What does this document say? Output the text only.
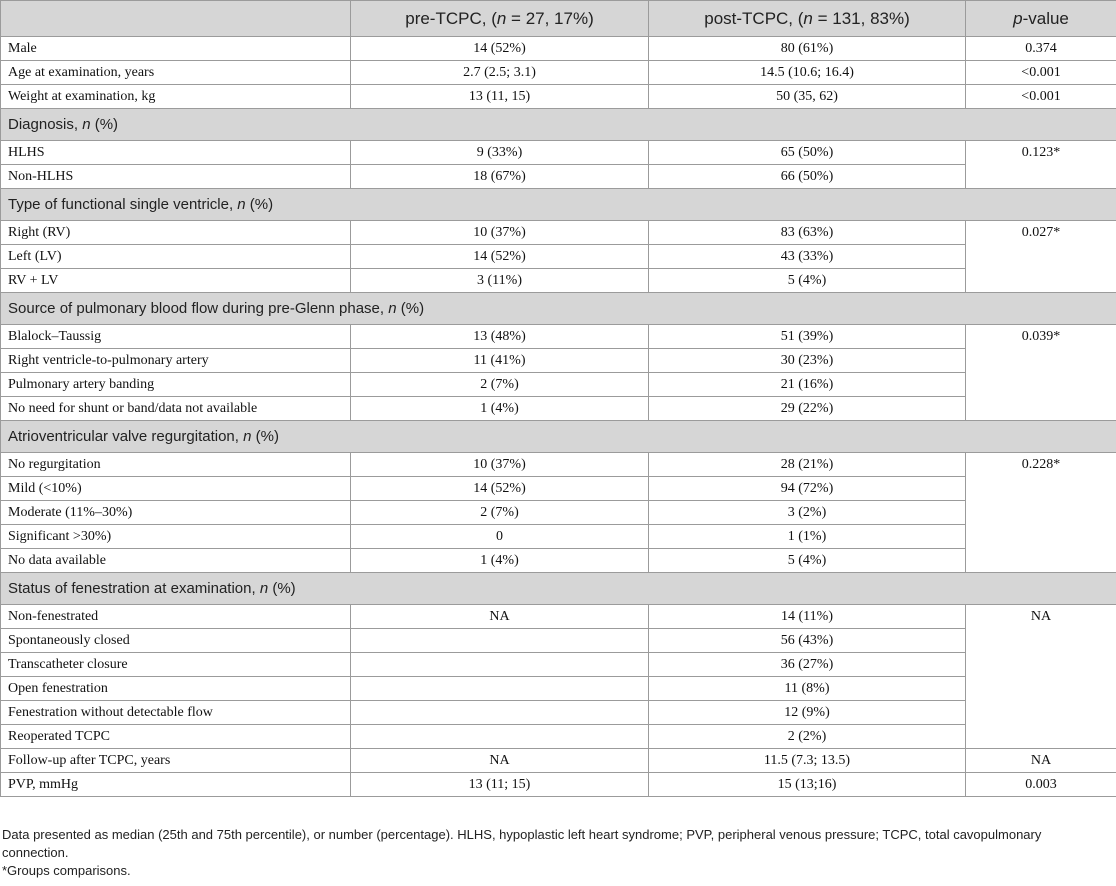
	pre-TCPC, (n = 27, 17%)	post-TCPC, (n = 131, 83%)	p-value
Male	14 (52%)	80 (61%)	0.374
Age at examination, years	2.7 (2.5; 3.1)	14.5 (10.6; 16.4)	<0.001
Weight at examination, kg	13 (11, 15)	50 (35, 62)	<0.001
Diagnosis, n (%)			
HLHS	9 (33%)	65 (50%)	0.123*
Non-HLHS	18 (67%)	66 (50%)	
Type of functional single ventricle, n (%)			
Right (RV)	10 (37%)	83 (63%)	0.027*
Left (LV)	14 (52%)	43 (33%)	
RV + LV	3 (11%)	5 (4%)	
Source of pulmonary blood flow during pre-Glenn phase, n (%)			
Blalock–Taussig	13 (48%)	51 (39%)	0.039*
Right ventricle-to-pulmonary artery	11 (41%)	30 (23%)	
Pulmonary artery banding	2 (7%)	21 (16%)	
No need for shunt or band/data not available	1 (4%)	29 (22%)	
Atrioventricular valve regurgitation, n (%)			
No regurgitation	10 (37%)	28 (21%)	0.228*
Mild (<10%)	14 (52%)	94 (72%)	
Moderate (11%–30%)	2 (7%)	3 (2%)	
Significant >30%)	0	1 (1%)	
No data available	1 (4%)	5 (4%)	
Status of fenestration at examination, n (%)			
Non-fenestrated	NA	14 (11%)	NA
Spontaneously closed		56 (43%)	
Transcatheter closure		36 (27%)	
Open fenestration		11 (8%)	
Fenestration without detectable flow		12 (9%)	
Reoperated TCPC		2 (2%)	
Follow-up after TCPC, years	NA	11.5 (7.3; 13.5)	NA
PVP, mmHg	13 (11; 15)	15 (13;16)	0.003

Data presented as median (25th and 75th percentile), or number (percentage). HLHS, hypoplastic left heart syndrome; PVP, peripheral venous pressure; TCPC, total cavopulmonary connection.

*Groups comparisons.
